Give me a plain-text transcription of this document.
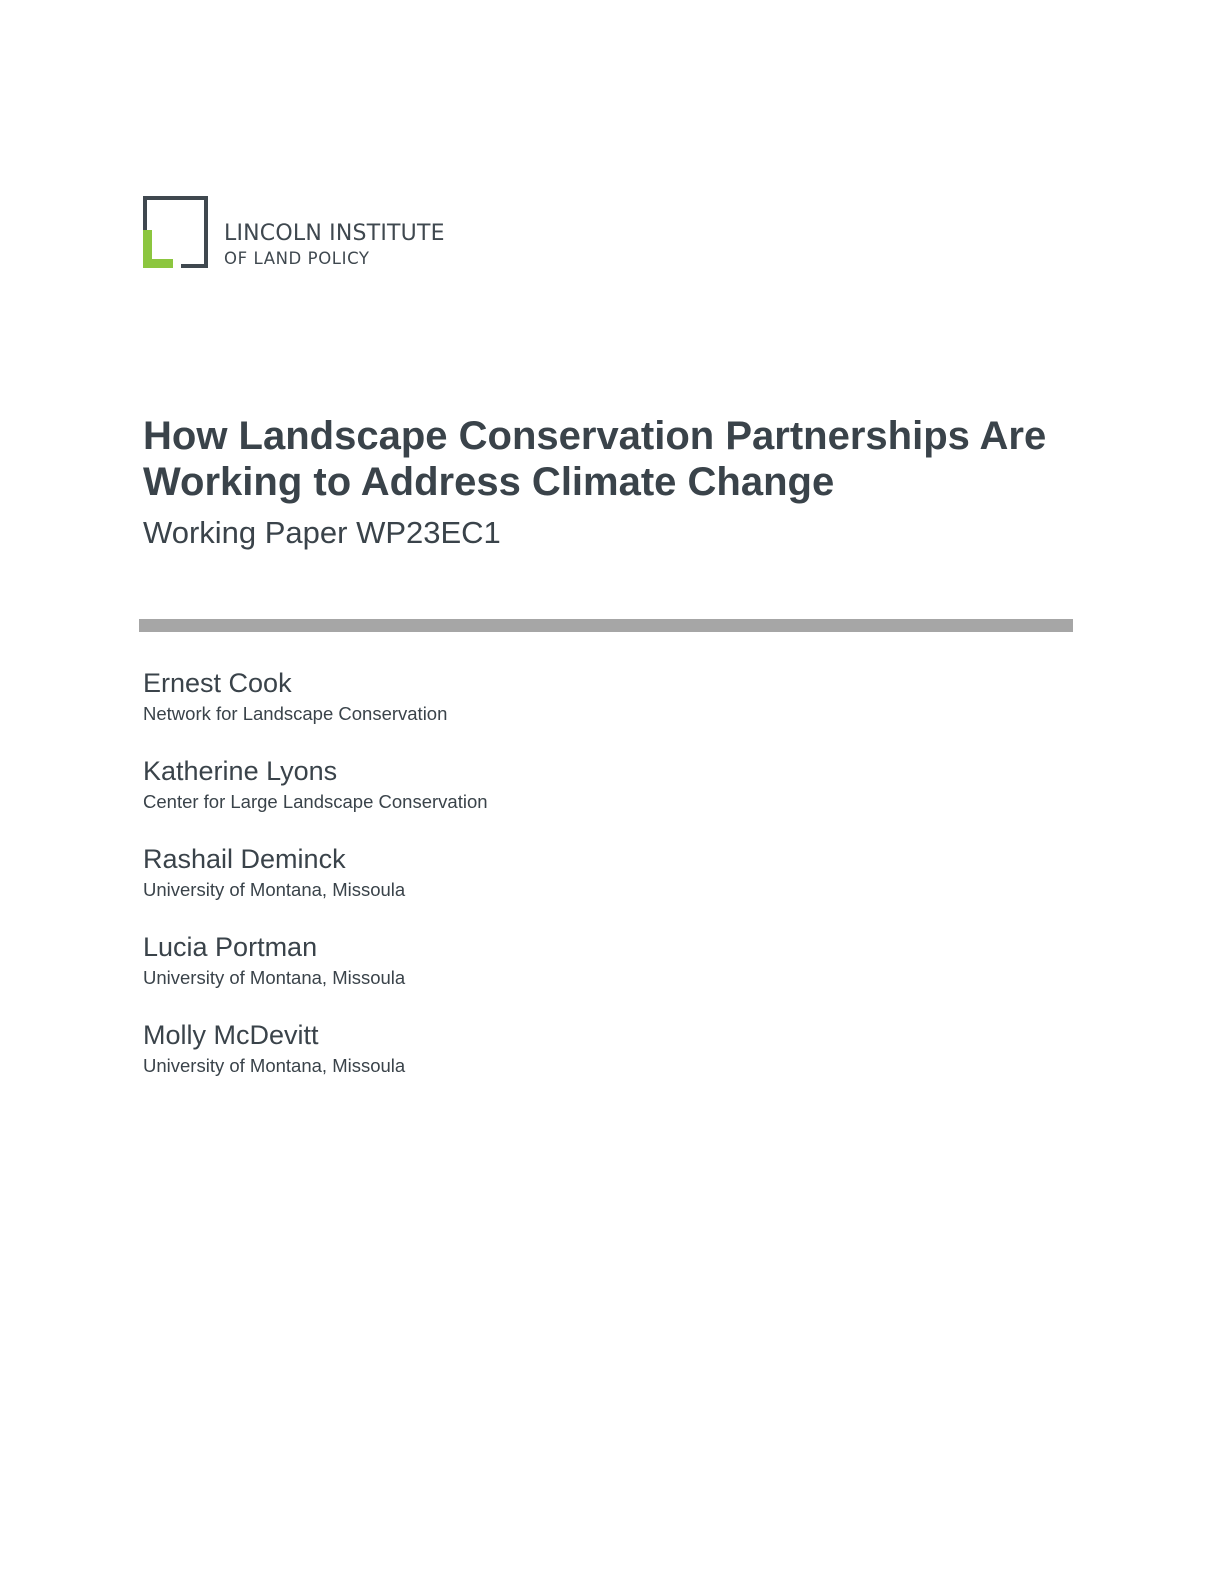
LINCOLN INSTITUTE
OF LAND POLICY
How Landscape Conservation Partnerships Are Working to Address Climate Change
Working Paper WP23EC1
Ernest Cook
Network for Landscape Conservation
Katherine Lyons
Center for Large Landscape Conservation
Rashail Deminck
University of Montana, Missoula
Lucia Portman
University of Montana, Missoula
Molly McDevitt
University of Montana, Missoula
